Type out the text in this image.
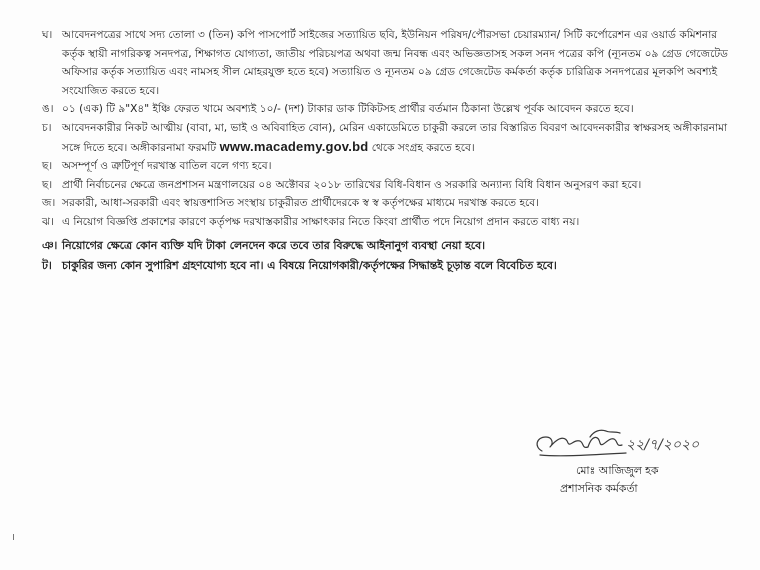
ঘ। আবেদনপত্রের সাথে সদ্য তোলা ৩ (তিন) কপি পাসপোর্ট সাইজের সত্যায়িত ছবি, ইউনিয়ন পরিষদ/পৌরসভা চেয়ারম্যান/ সিটি কর্পোরেশন এর ওয়ার্ড কমিশনার কর্তৃক স্থায়ী নাগরিকত্ব সনদপত্র, শিক্ষাগত যোগ্যতা, জাতীয় পরিচয়পত্র অথবা জন্ম নিবন্ধ এবং অভিজ্ঞতাসহ সকল সনদ পত্রের কপি (ন্যূনতম ০৯ গ্রেড গেজেটেড অফিসার কর্তৃক সত্যায়িত এবং নামসহ সীল মোহরযুক্ত হতে হবে) সত্যায়িত ও ন্যূনতম ০৯ গ্রেড গেজেটেড কর্মকর্তা কর্তৃক চারিত্রিক সনদপত্রের মূলকপি অবশ্যই সংযোজিত করতে হবে।
ঙ। ০১ (এক) টি ৯"X৪" ইঞ্চি ফেরত খামে অবশ্যই ১০/- (দশ) টাকার ডাক টিকিটসহ প্রার্থীর বর্তমান ঠিকানা উল্লেখ পূর্বক আবেদন করতে হবে।
চ। আবেদনকারীর নিকট আত্মীয় (বাবা, মা, ভাই ও অবিবাহিত বোন), মেরিন একাডেমিতে চাকুরী করলে তার বিস্তারিত বিবরণ আবেদনকারীর স্বাক্ষরসহ অঙ্গীকারনামা সঙ্গে দিতে হবে। অঙ্গীকারনামা ফরমটি www.macademy.gov.bd থেকে সংগ্রহ করতে হবে।
ছ। অসম্পূর্ণ ও ত্রুটিপূর্ণ দরখাস্ত বাতিল বলে গণ্য হবে।
ছ। প্রার্থী নির্বাচনের ক্ষেত্রে জনপ্রশাসন মন্ত্রণালয়ের ০৪ অক্টোবর ২০১৮ তারিখের বিধি-বিধান ও সরকারি অন্যান্য বিধি বিধান অনুসরণ করা হবে।
জ। সরকারী, আধা-সরকারী এবং স্বায়ত্তশাসিত সংস্থায় চাকুরীরত প্রার্থীদেরকে স্ব স্ব কর্তৃপক্ষের মাধ্যমে দরখাস্ত করতে হবে।
ঝ। এ নিয়োগ বিজ্ঞপ্তি প্রকাশের কারণে কর্তৃপক্ষ দরখাস্তকারীর সাক্ষাৎকার নিতে কিংবা প্রার্থীত পদে নিয়োগ প্রদান করতে বাধ্য নয়।
ঞ। নিয়োগের ক্ষেত্রে কোন ব্যক্তি যদি টাকা লেনদেন করে তবে তার বিরুদ্ধে আইনানুগ ব্যবস্থা নেয়া হবে।
ট। চাকুরির জন্য কোন সুপারিশ গ্রহণযোগ্য হবে না। এ বিষয়ে নিয়োগকারী/কর্তৃপক্ষের সিদ্ধান্তই চূড়ান্ত বলে বিবেচিত হবে।
২২/৭/২০২০
মোঃ আজিজুল হক
প্রশাসনিক কর্মকর্তা
